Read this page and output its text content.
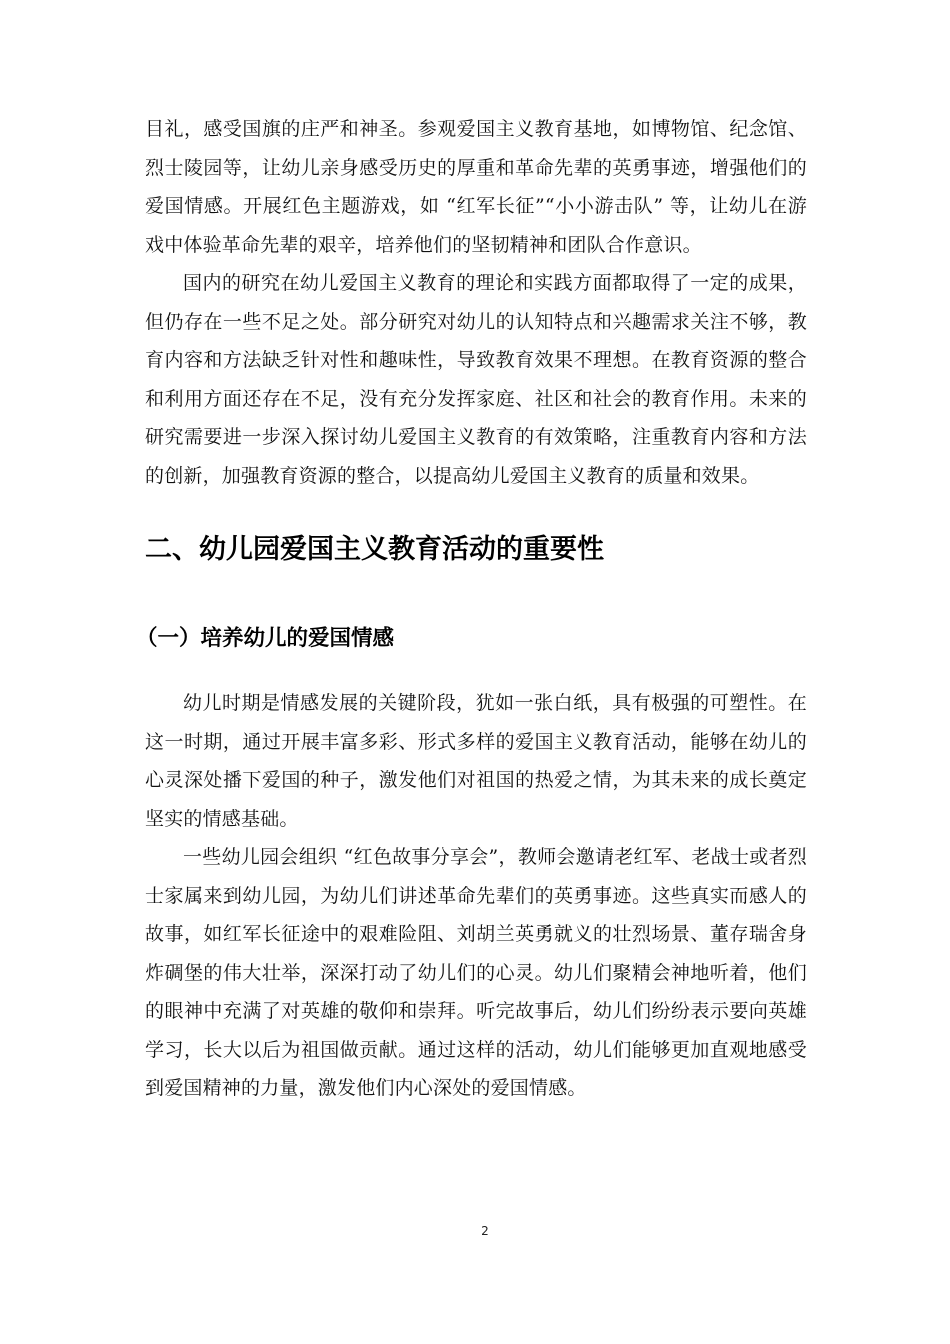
目礼，感受国旗的庄严和神圣。参观爱国主义教育基地，如博物馆、纪念馆、烈士陵园等，让幼儿亲身感受历史的厚重和革命先辈的英勇事迹，增强他们的爱国情感。开展红色主题游戏，如 “红军长征”“小小游击队” 等，让幼儿在游戏中体验革命先辈的艰辛，培养他们的坚韧精神和团队合作意识。

国内的研究在幼儿爱国主义教育的理论和实践方面都取得了一定的成果，但仍存在一些不足之处。部分研究对幼儿的认知特点和兴趣需求关注不够，教育内容和方法缺乏针对性和趣味性，导致教育效果不理想。在教育资源的整合和利用方面还存在不足，没有充分发挥家庭、社区和社会的教育作用。未来的研究需要进一步深入探讨幼儿爱国主义教育的有效策略，注重教育内容和方法的创新，加强教育资源的整合，以提高幼儿爱国主义教育的质量和效果。

二、幼儿园爱国主义教育活动的重要性
（一）培养幼儿的爱国情感

幼儿时期是情感发展的关键阶段，犹如一张白纸，具有极强的可塑性。在这一时期，通过开展丰富多彩、形式多样的爱国主义教育活动，能够在幼儿的心灵深处播下爱国的种子，激发他们对祖国的热爱之情，为其未来的成长奠定坚实的情感基础。

一些幼儿园会组织 “红色故事分享会”，教师会邀请老红军、老战士或者烈士家属来到幼儿园，为幼儿们讲述革命先辈们的英勇事迹。这些真实而感人的故事，如红军长征途中的艰难险阻、刘胡兰英勇就义的壮烈场景、董存瑞舍身炸碉堡的伟大壮举，深深打动了幼儿们的心灵。幼儿们聚精会神地听着，他们的眼神中充满了对英雄的敬仰和崇拜。听完故事后，幼儿们纷纷表示要向英雄学习，长大以后为祖国做贡献。通过这样的活动，幼儿们能够更加直观地感受到爱国精神的力量，激发他们内心深处的爱国情感。

2
